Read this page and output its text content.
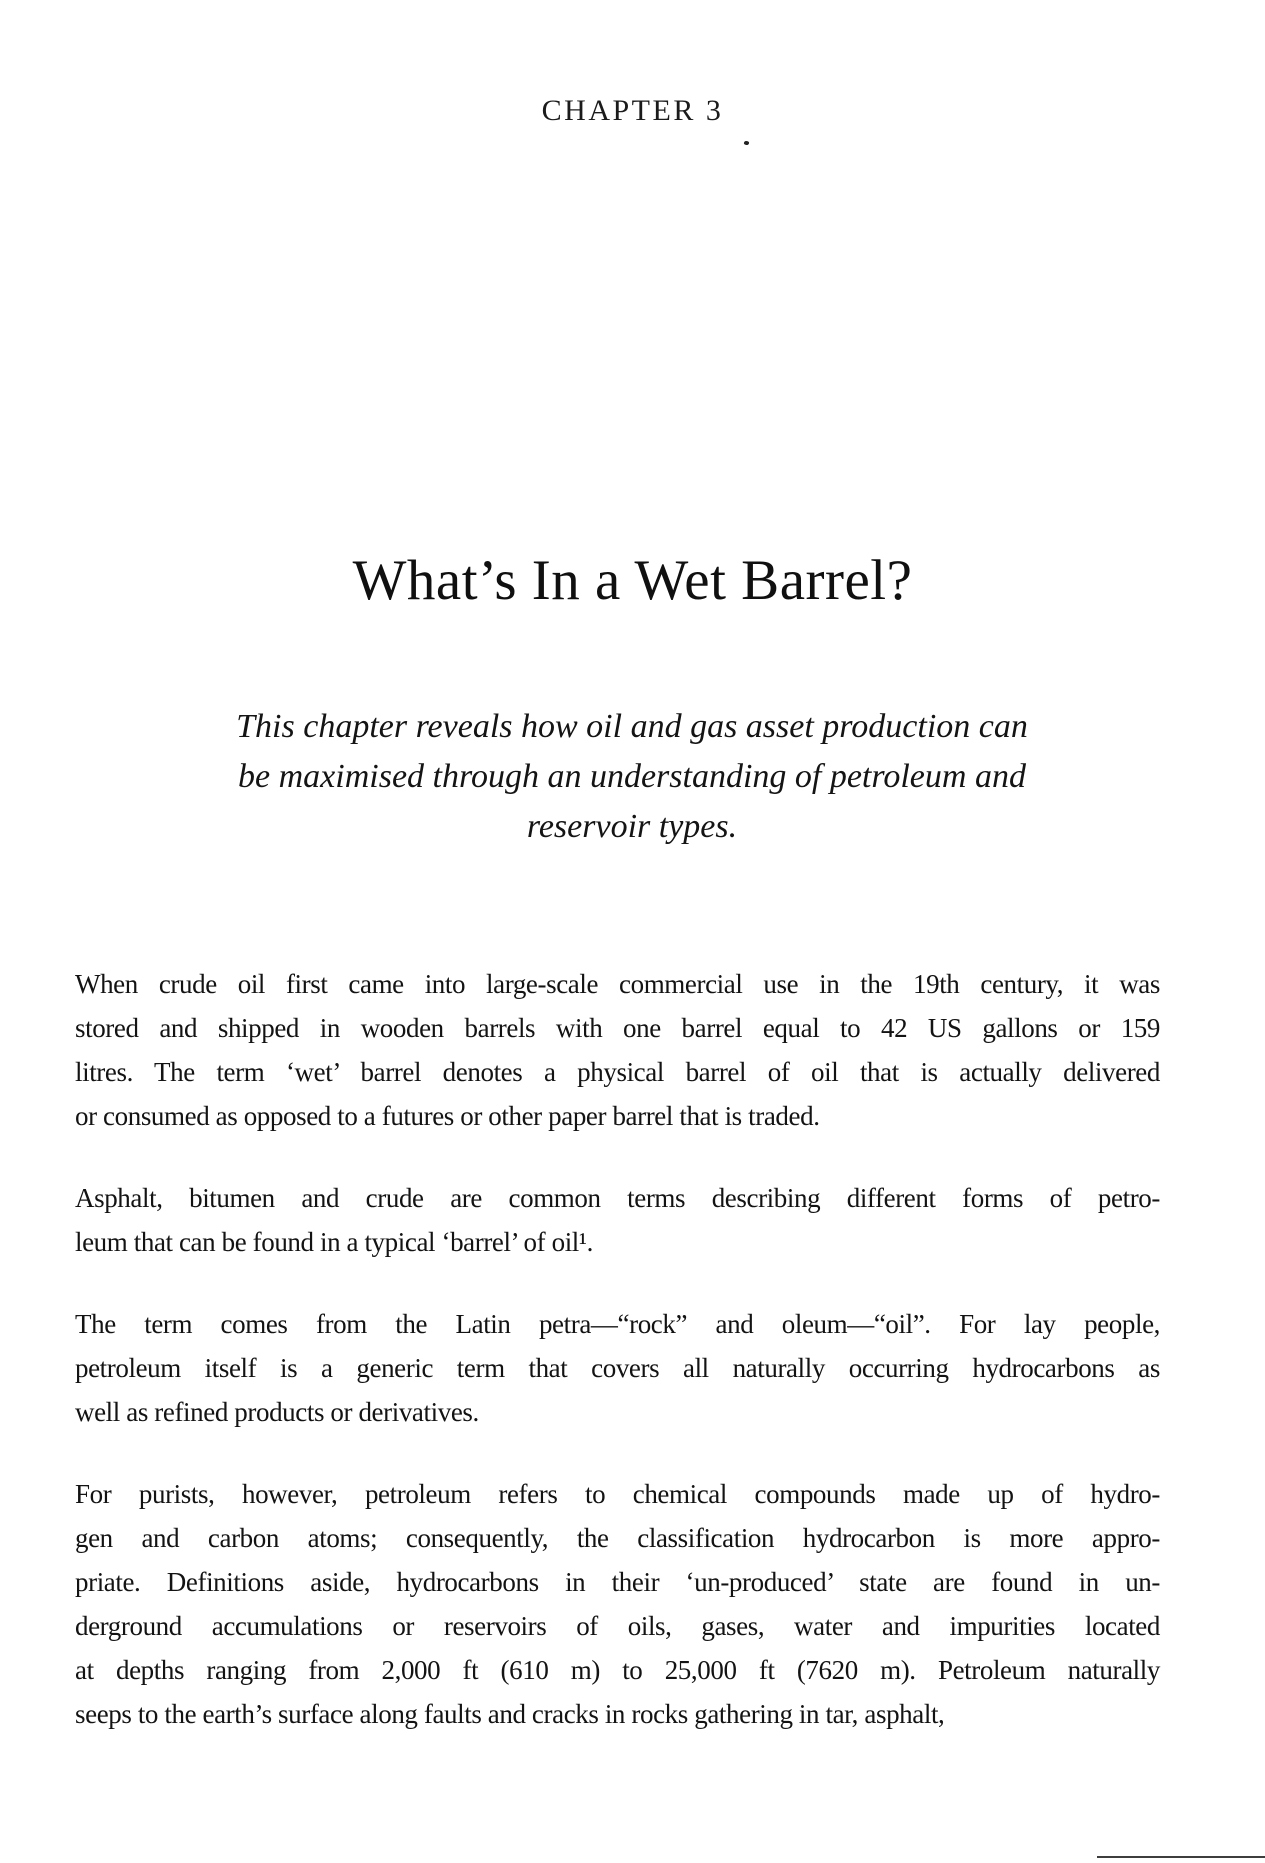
CHAPTER 3
What’s In a Wet Barrel?
This chapter reveals how oil and gas asset production can
be maximised through an understanding of petroleum and
reservoir types.
When crude oil first came into large-scale commercial use in the 19th century, it was
stored and shipped in wooden barrels with one barrel equal to 42 US gallons or 159
litres. The term ‘wet’ barrel denotes a physical barrel of oil that is actually delivered
or consumed as opposed to a futures or other paper barrel that is traded.
Asphalt, bitumen and crude are common terms describing different forms of petro-
leum that can be found in a typical ‘barrel’ of oil¹.
The term comes from the Latin petra—“rock” and oleum—“oil”. For lay people,
petroleum itself is a generic term that covers all naturally occurring hydrocarbons as
well as refined products or derivatives.
For purists, however, petroleum refers to chemical compounds made up of hydro-
gen and carbon atoms; consequently, the classification hydrocarbon is more appro-
priate. Definitions aside, hydrocarbons in their ‘un-produced’ state are found in un-
derground accumulations or reservoirs of oils, gases, water and impurities located
at depths ranging from 2,000 ft (610 m) to 25,000 ft (7620 m). Petroleum naturally
seeps to the earth’s surface along faults and cracks in rocks gathering in tar, asphalt,
